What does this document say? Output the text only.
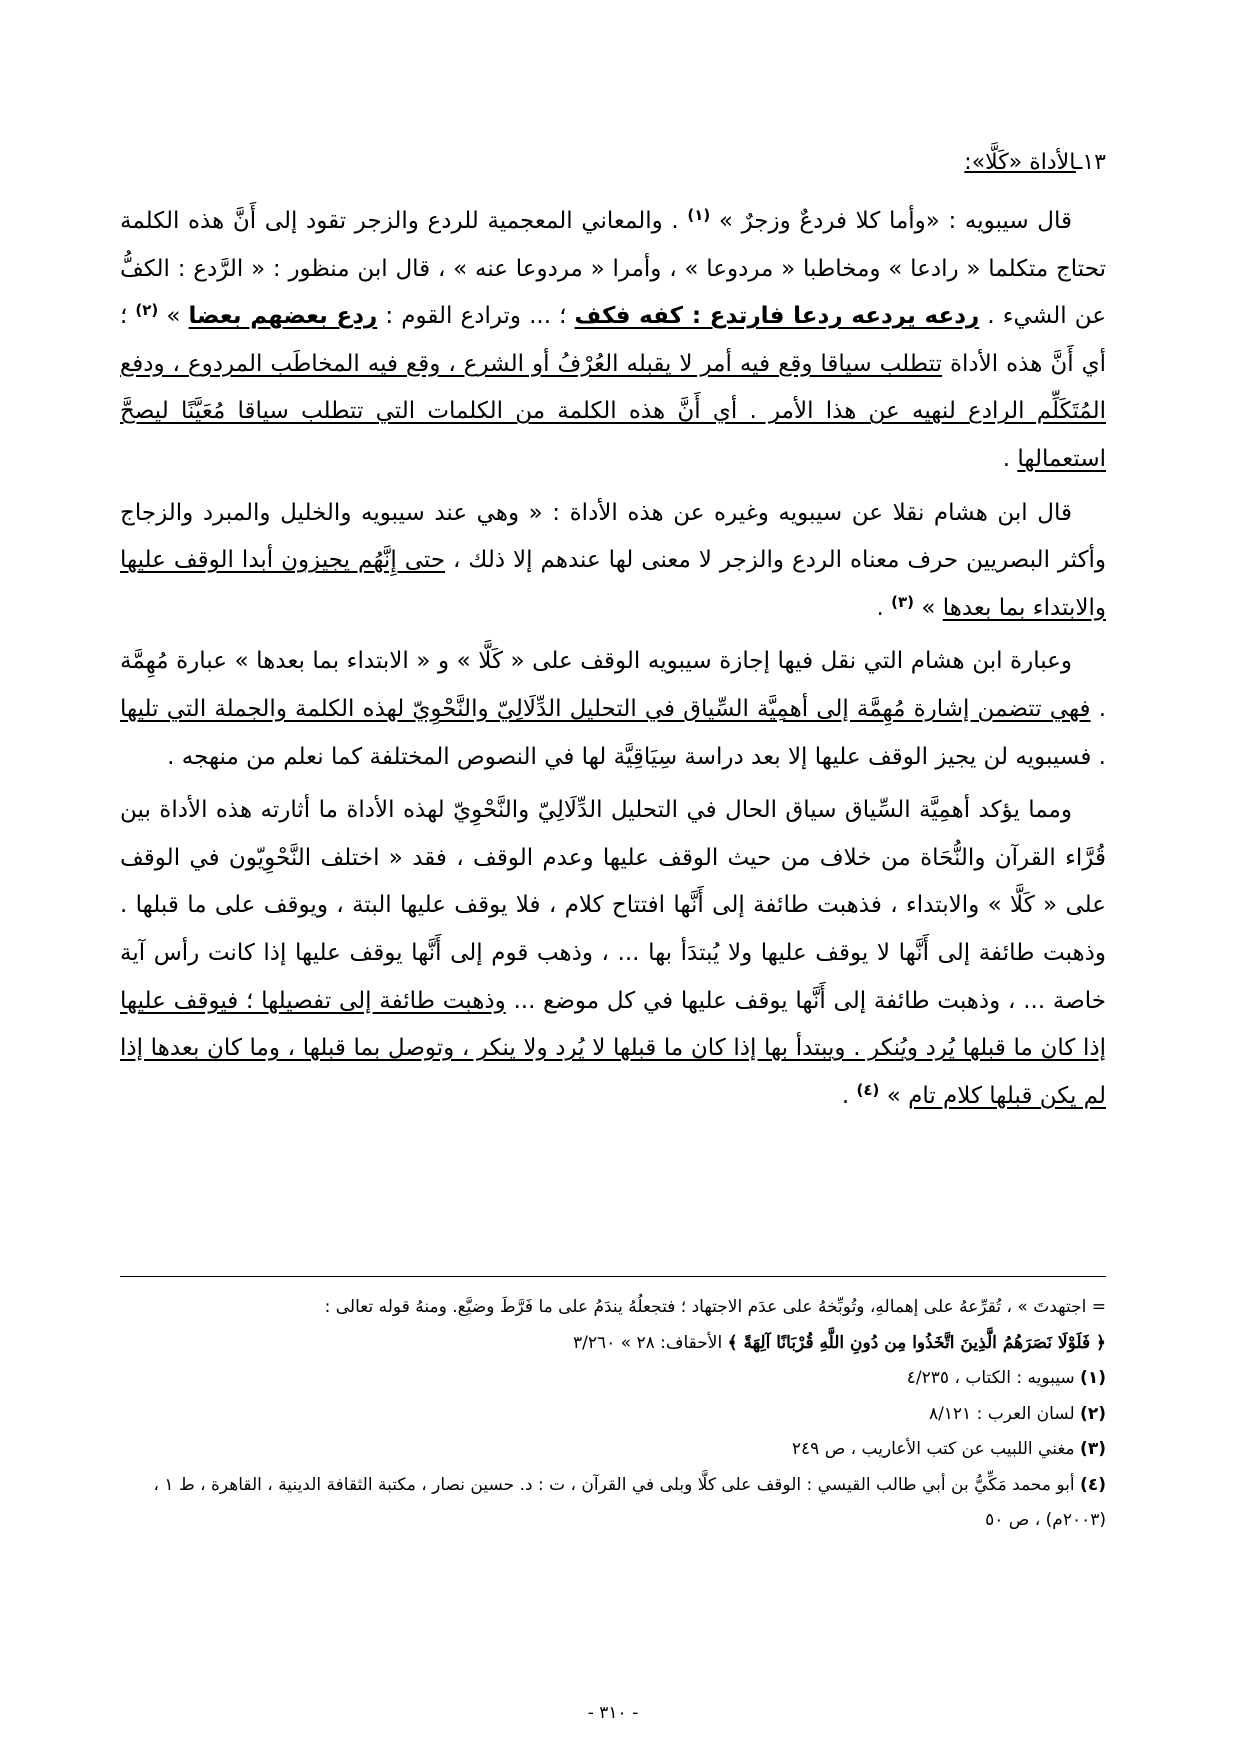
١٣ـالأداة «كَلَّا»:

قال سيبويه : «وأما كلا فردعٌ وزجرٌ » $^{(١)}$ . والمعاني المعجمية للردع والزجر تقود إلى أَنَّ هذه الكلمة تحتاج متكلما « رادعا » ومخاطبا « مردوعا » ، وأمرا « مردوعا عنه » ، قال ابن منظور : « الرَّدع : الكفُّ عن الشيء . ردعه يردعه ردعا فارتدع : كفه فكف ؛ ... وترادع القوم : ردع بعضهم بعضا » $^{(٢)}$ ؛ أي أَنَّ هذه الأداة تتطلب سياقا وقع فيه أمر لا يقبله العُرْفُ أو الشرع ، وقع فيه المخاطَب المردوع ، ودفع المُتَكَلِّم الرادع لنهيه عن هذا الأمر . أي أَنَّ هذه الكلمة من الكلمات التي تتطلب سياقا مُعَيَّنًا ليصحَّ استعمالها .

قال ابن هشام نقلا عن سيبويه وغيره عن هذه الأداة : « وهي عند سيبويه والخليل والمبرد والزجاج وأكثر البصريين حرف معناه الردع والزجر لا معنى لها عندهم إلا ذلك ، حتى إِنَّهُم يجيزون أبدا الوقف عليها والابتداء بما بعدها » $^{(٣)}$ .

وعبارة ابن هشام التي نقل فيها إجازة سيبويه الوقف على « كَلَّا » و « الابتداء بما بعدها » عبارة مُهِمَّة . فهي تتضمن إشارة مُهِمَّة إلى أهمِيَّة السِّياق في التحليل الدِّلَالِيّ والنَّحْوِيّ لهذه الكلمة والجملة التي تليها . فسيبويه لن يجيز الوقف عليها إلا بعد دراسة سِيَاقِيَّة لها في النصوص المختلفة كما نعلم من منهجه .

ومما يؤكد أهمِيَّة السِّياق سياق الحال في التحليل الدِّلَالِيّ والنَّحْوِيّ لهذه الأداة ما أثارته هذه الأداة بين قُرَّاء القرآن والنُّحَاة من خلاف من حيث الوقف عليها وعدم الوقف ، فقد « اختلف النَّحْوِيّون في الوقف على « كَلَّا » والابتداء ، فذهبت طائفة إلى أَنَّها افتتاح كلام ، فلا يوقف عليها البتة ، ويوقف على ما قبلها . وذهبت طائفة إلى أَنَّها لا يوقف عليها ولا يُبتدَأ بها ... ، وذهب قوم إلى أَنَّها يوقف عليها إذا كانت رأس آية خاصة ... ، وذهبت طائفة إلى أَنَّها يوقف عليها في كل موضع ... وذهبت طائفة إلى تفصيلها ؛ فيوقف عليها إذا كان ما قبلها يُرد ويُنكر . ويبتدأ بها إذا كان ما قبلها لا يُرد ولا ينكر ، وتوصل بما قبلها ، وما كان بعدها إذا لم يكن قبلها كلام تام » $^{(٤)}$ .

= اجتهدتَ » ، تُقرِّعهُ على إهمالهِ، وتُوبِّخهُ على عدَم الاجتهاد ؛ فتجعلُهُ يندَمُ على ما فَرَّطَ وضيَّع. ومنهُ قوله تعالى :

﴿ فَلَوْلَا نَصَرَهُمُ الَّذِينَ اتَّخَذُوا مِن دُونِ اللَّهِ قُرْبَانًا آلِهَةً ﴾ الأحقاف: ٢٨ » ٣/٢٦٠

(١) سيبويه : الكتاب ، ٤/٢٣٥

(٢) لسان العرب : ٨/١٢١

(٣) مغني اللبيب عن كتب الأعاريب ، ص ٢٤٩

(٤) أبو محمد مَكِّيُّ بن أبي طالب القيسي : الوقف على كلَّا وبلى في القرآن ، ت : د. حسين نصار ، مكتبة الثقافة الدينية ، القاهرة ، ط ١ ، (٢٠٠٣م) ، ص ٥٠

- ٣١٠ -
